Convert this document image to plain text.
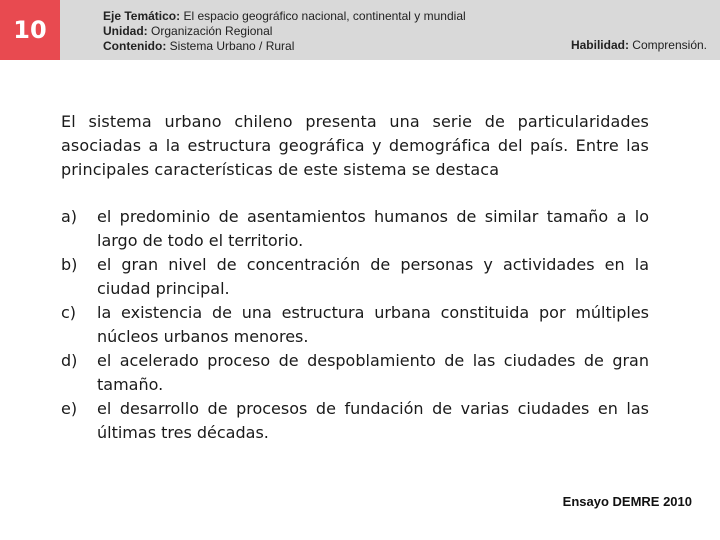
10	Eje Temático: El espacio geográfico nacional, continental y mundial
Unidad: Organización Regional
Contenido: Sistema Urbano / Rural	Habilidad: Comprensión.
El sistema urbano chileno presenta una serie de particularidades asociadas a la estructura geográfica y demográfica del país. Entre las principales características de este sistema se destaca
a) el predominio de asentamientos humanos de similar tamaño a lo largo de todo el territorio.
b) el gran nivel de concentración de personas y actividades en la ciudad principal.
c) la existencia de una estructura urbana constituida por múltiples núcleos urbanos menores.
d) el acelerado proceso de despoblamiento de las ciudades de gran tamaño.
e) el desarrollo de procesos de fundación de varias ciudades en las últimas tres décadas.
Ensayo DEMRE 2010
